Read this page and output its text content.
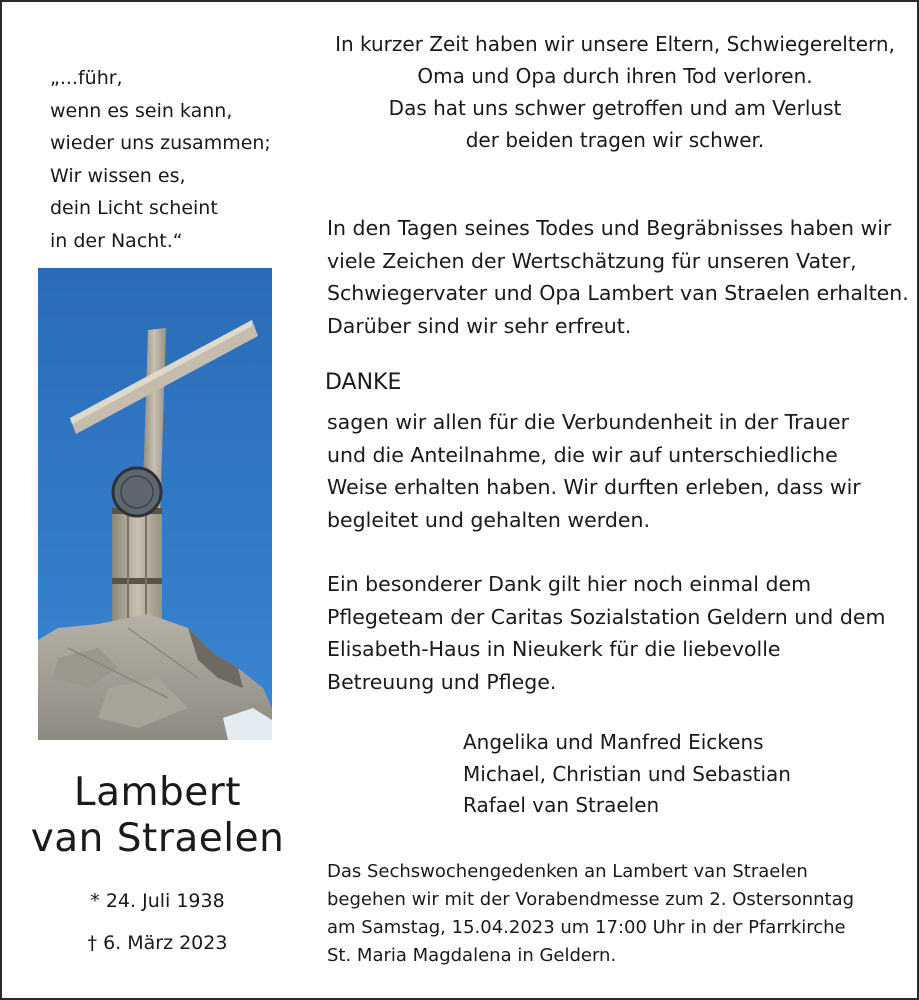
„...führ,
wenn es sein kann,
wieder uns zusammen;
Wir wissen es,
dein Licht scheint
in der Nacht.“
Lambert
van Straelen
* 24. Juli 1938
† 6. März 2023
In kurzer Zeit haben wir unsere Eltern, Schwiegereltern,
Oma und Opa durch ihren Tod verloren.
Das hat uns schwer getroffen und am Verlust
der beiden tragen wir schwer.
In den Tagen seines Todes und Begräbnisses haben wir
viele Zeichen der Wertschätzung für unseren Vater,
Schwiegervater und Opa Lambert van Straelen erhalten.
Darüber sind wir sehr erfreut.
DANKE
sagen wir allen für die Verbundenheit in der Trauer
und die Anteilnahme, die wir auf unterschiedliche
Weise erhalten haben. Wir durften erleben, dass wir
begleitet und gehalten werden.
Ein besonderer Dank gilt hier noch einmal dem
Pflegeteam der Caritas Sozialstation Geldern und dem
Elisabeth-Haus in Nieukerk für die liebevolle
Betreuung und Pflege.
Angelika und Manfred Eickens
Michael, Christian und Sebastian
Rafael van Straelen
Das Sechswochengedenken an Lambert van Straelen
begehen wir mit der Vorabendmesse zum 2. Ostersonntag
am Samstag, 15.04.2023 um 17:00 Uhr in der Pfarrkirche
St. Maria Magdalena in Geldern.
